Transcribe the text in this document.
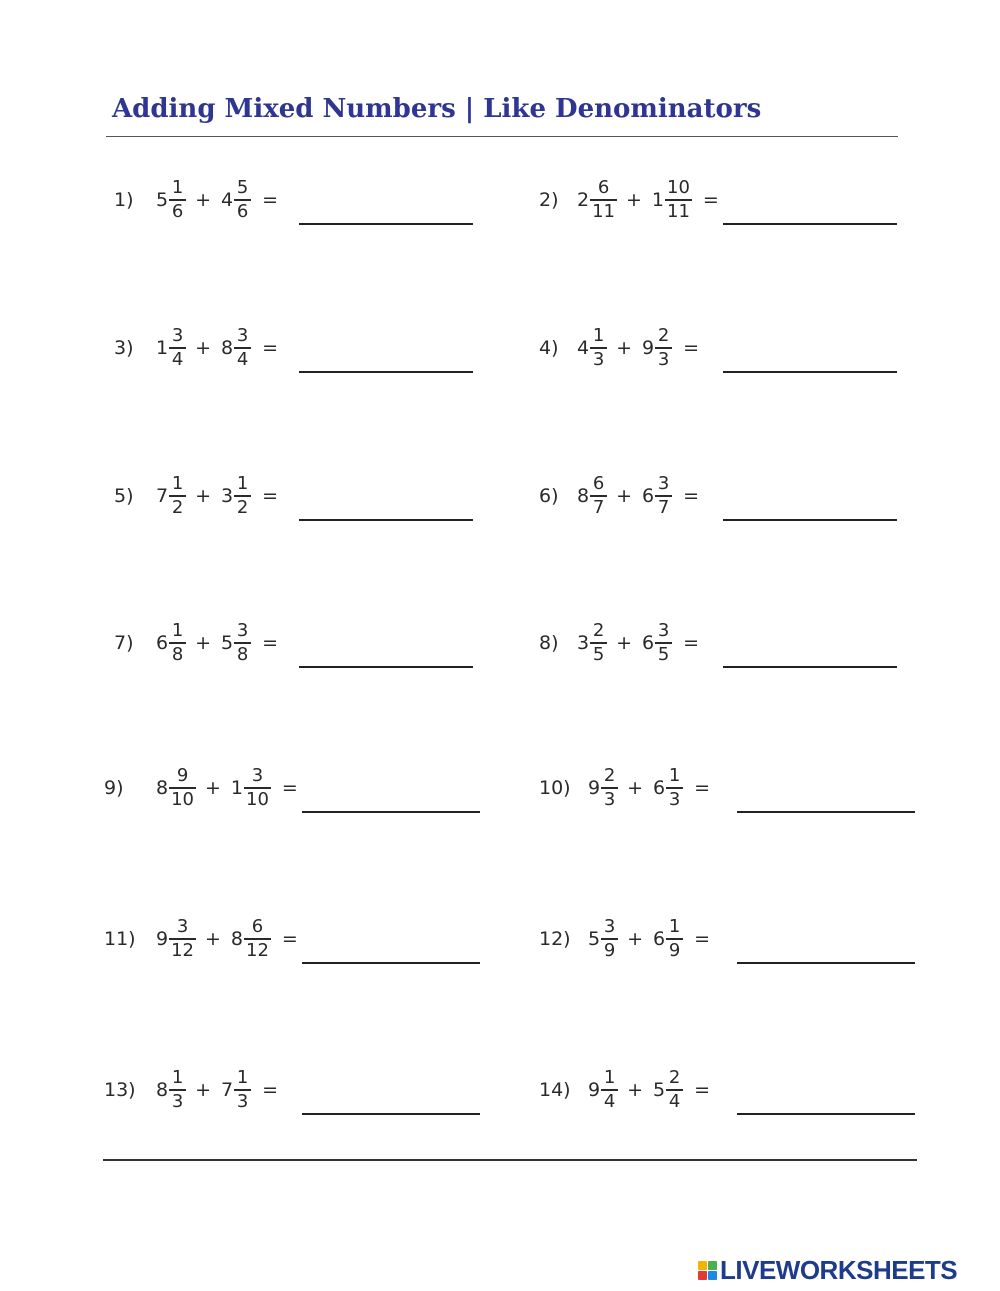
Adding Mixed Numbers | Like Denominators
1)	$5 \frac{1}{6} + 4 \frac{5}{6}$ =	2) $2 \frac{6}{11} + 1 \frac{10}{11}$ =
3)	$1 \frac{3}{4} + 8 \frac{3}{4}$ =	4) $4 \frac{1}{3} + 9 \frac{2}{3}$ =
5)	$7 \frac{1}{2} + 3 \frac{1}{2}$ =	6) $8 \frac{6}{7} + 6 \frac{3}{7}$ =
7)	$6 \frac{1}{8} + 5 \frac{3}{8}$ =	8) $3 \frac{2}{5} + 6 \frac{3}{5}$ =
9)	$8 \frac{9}{10} + 1 \frac{3}{10}$ =	10) $9 \frac{2}{3} + 6 \frac{1}{3}$ =
11)	$9 \frac{3}{12} + 8 \frac{6}{12}$ =	12) $5 \frac{3}{9} + 6 \frac{1}{9}$ =
13)	$8 \frac{1}{3} + 7 \frac{1}{3}$ =	14) $9 \frac{1}{4} + 5 \frac{2}{4}$ =
LIVEWORKSHEETS
